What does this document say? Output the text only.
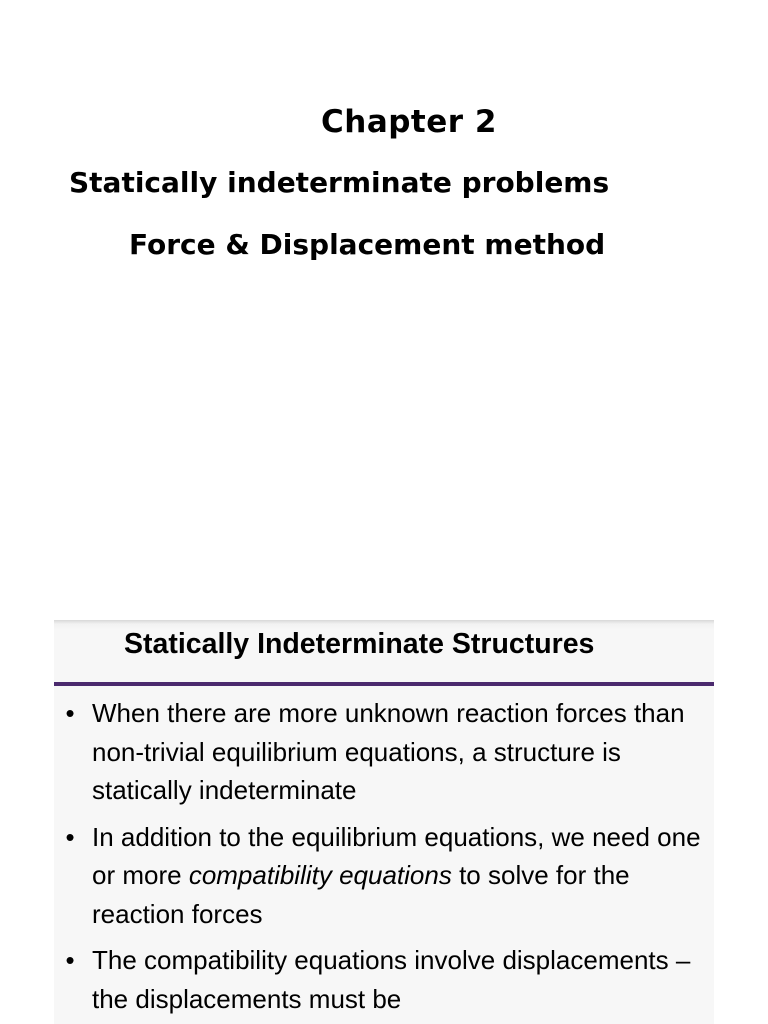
Chapter 2
Statically indeterminate problems
Force & Displacement method
Statically Indeterminate Structures
• When there are more unknown reaction forces than non-trivial equilibrium equations, a structure is statically indeterminate
• In addition to the equilibrium equations, we need one or more compatibility equations to solve for the reaction forces
• The compatibility equations involve displacements – the displacements must be
